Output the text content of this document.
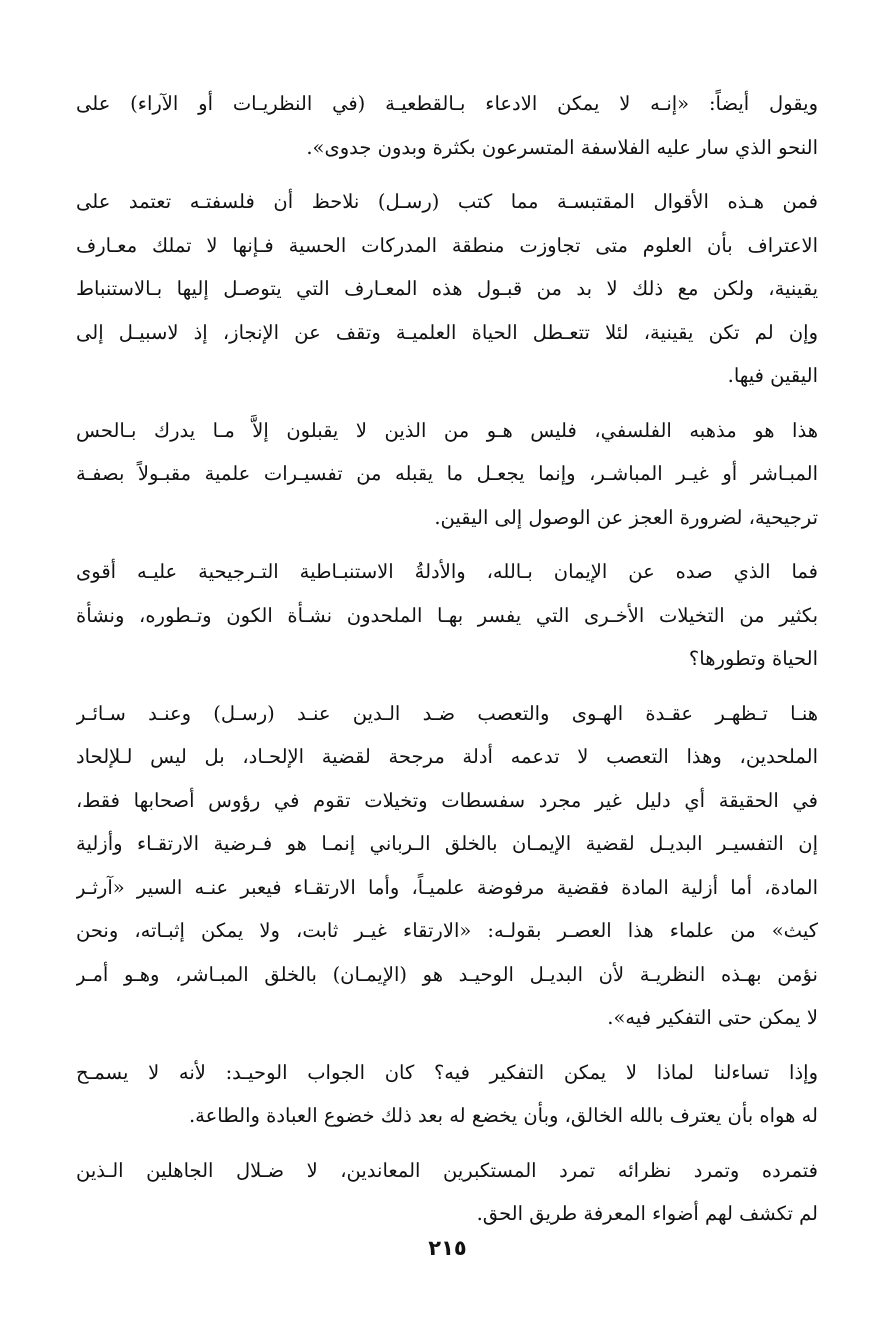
ويقول أيضاً: «إنـه لا يمكن الادعاء بـالقطعيـة (في النظريـات أو الآراء) على
النحو الذي سار عليه الفلاسفة المتسرعون بكثرة وبدون جدوى».
فمن هـذه الأقوال المقتبسـة مما كتب (رسـل) نلاحظ أن فلسفتـه تعتمد على
الاعتراف بأن العلوم متى تجاوزت منطقة المدركات الحسية فـإنها لا تملك معـارف
يقينية، ولكن مع ذلك لا بد من قبـول هذه المعـارف التي يتوصـل إليها بـالاستنباط
وإن لم تكن يقينية، لئلا تتعـطل الحياة العلميـة وتقف عن الإنجاز، إذ لاسبيـل إلى
اليقين فيها.
هذا هو مذهبه الفلسفي، فليس هـو من الذين لا يقبلون إلاَّ مـا يدرك بـالحس
المبـاشر أو غيـر المباشـر، وإنما يجعـل ما يقبله من تفسيـرات علمية مقبـولاً بصفـة
ترجيحية، لضرورة العجز عن الوصول إلى اليقين.
فما الذي صده عن الإيمان بـالله، والأدلةُ الاستنبـاطية التـرجيحية عليـه أقوى
بكثير من التخيلات الأخـرى التي يفسر بهـا الملحدون نشـأة الكون وتـطوره، ونشأة
الحياة وتطورها؟
هنـا تـظهـر عقـدة الهـوى والتعصب ضـد الـدين عنـد (رسـل) وعنـد سـائـر
الملحدين، وهذا التعصب لا تدعمه أدلة مرجحة لقضية الإلحـاد، بل ليس لـلإلحاد
في الحقيقة أي دليل غير مجرد سفسطات وتخيلات تقوم في رؤوس أصحابها فقط،
إن التفسيـر البديـل لقضية الإيمـان بالخلق الـرباني إنمـا هو فـرضية الارتقـاء وأزلية
المادة، أما أزلية المادة فقضية مرفوضة علميـاً، وأما الارتقـاء فيعبر عنـه السير «آرثـر
كيث» من علماء هذا العصـر بقولـه: «الارتقاء غيـر ثابت، ولا يمكن إثبـاته، ونحن
نؤمن بهـذه النظريـة لأن البديـل الوحيـد هو (الإيمـان) بالخلق المبـاشر، وهـو أمـر
لا يمكن حتى التفكير فيه».
وإذا تساءلنا لماذا لا يمكن التفكير فيه؟ كان الجواب الوحيـد: لأنه لا يسمـح
له هواه بأن يعترف بالله الخالق، وبأن يخضع له بعد ذلك خضوع العبادة والطاعة.
فتمرده وتمرد نظرائه تمرد المستكبرين المعاندين، لا ضـلال الجاهلين الـذين
لم تكشف لهم أضواء المعرفة طريق الحق.
٢١٥
